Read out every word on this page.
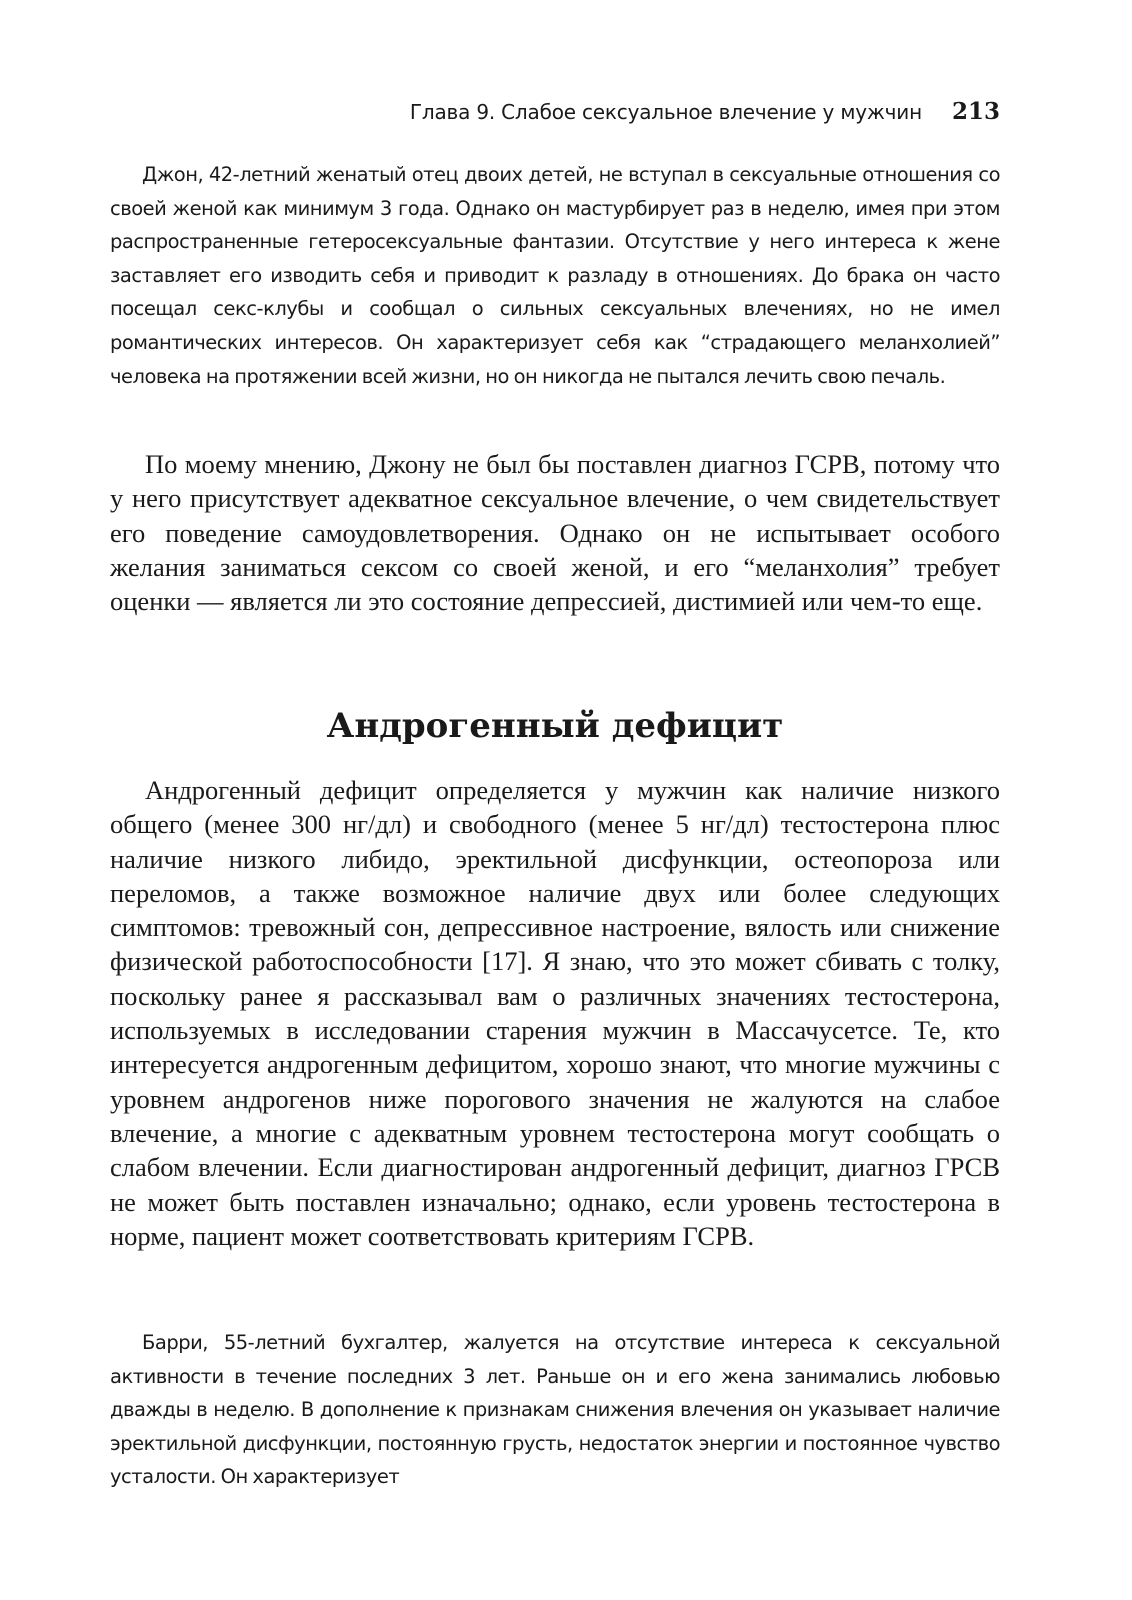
Глава 9. Слабое сексуальное влечение у мужчин 213

Джон, 42-летний женатый отец двоих детей, не вступал в сексуальные отношения со своей женой как минимум 3 года. Однако он мастурбирует раз в неделю, имея при этом распространенные гетеросексуальные фантазии. Отсутствие у него интереса к жене заставляет его изводить себя и приводит к разладу в отношениях. До брака он часто посещал секс-клубы и сообщал о сильных сексуальных влечениях, но не имел романтических интересов. Он характеризует себя как “страдающего меланхолией” человека на протяжении всей жизни, но он никогда не пытался лечить свою печаль.

По моему мнению, Джону не был бы поставлен диагноз ГСРВ, потому что у него присутствует адекватное сексуальное влечение, о чем свидетельствует его поведение самоудовлетворения. Однако он не испытывает особого желания заниматься сексом со своей женой, и его “меланхолия” требует оценки — является ли это состояние депрессией, дистимией или чем-то еще.

Андрогенный дефицит

Андрогенный дефицит определяется у мужчин как наличие низкого общего (менее 300 нг/дл) и свободного (менее 5 нг/дл) тестостерона плюс наличие низкого либидо, эректильной дисфункции, остеопороза или переломов, а также возможное наличие двух или более следующих симптомов: тревожный сон, депрессивное настроение, вялость или снижение физической работоспособности [17]. Я знаю, что это может сбивать с толку, поскольку ранее я рассказывал вам о различных значениях тестостерона, используемых в исследовании старения мужчин в Массачусетсе. Те, кто интересуется андрогенным дефицитом, хорошо знают, что многие мужчины с уровнем андрогенов ниже порогового значения не жалуются на слабое влечение, а многие с адекватным уровнем тестостерона могут сообщать о слабом влечении. Если диагностирован андрогенный дефицит, диагноз ГРСВ не может быть поставлен изначально; однако, если уровень тестостерона в норме, пациент может соответствовать критериям ГСРВ.

Барри, 55-летний бухгалтер, жалуется на отсутствие интереса к сексуальной активности в течение последних 3 лет. Раньше он и его жена занимались любовью дважды в неделю. В дополнение к признакам снижения влечения он указывает наличие эректильной дисфункции, постоянную грусть, недостаток энергии и постоянное чувство усталости. Он характеризует
